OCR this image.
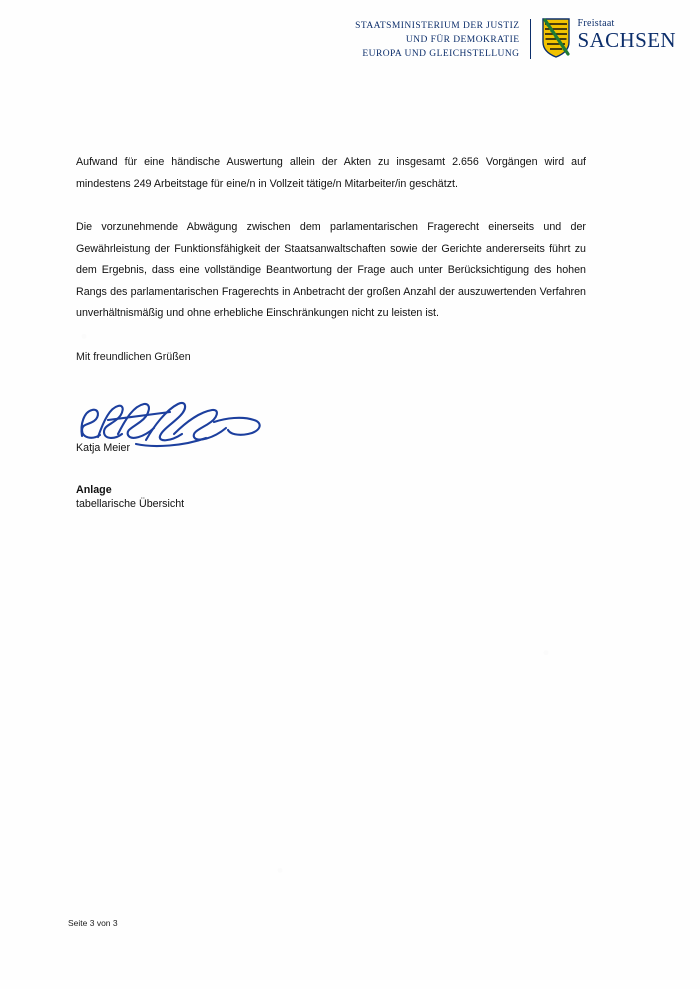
STAATSMINISTERIUM DER JUSTIZ
UND FÜR DEMOKRATIE
EUROPA UND GLEICHSTELLUNG
Freistaat
SACHSEN

Aufwand für eine händische Auswertung allein der Akten zu insgesamt 2.656 Vorgängen wird auf mindestens 249 Arbeitstage für eine/n in Vollzeit tätige/n Mitarbeiter/in geschätzt.

Die vorzunehmende Abwägung zwischen dem parlamentarischen Fragerecht einerseits und der Gewährleistung der Funktionsfähigkeit der Staatsanwaltschaften sowie der Gerichte andererseits führt zu dem Ergebnis, dass eine vollständige Beantwortung der Frage auch unter Berücksichtigung des hohen Rangs des parlamentarischen Fragerechts in Anbetracht der großen Anzahl der auszuwertenden Verfahren unverhältnismäßig und ohne erhebliche Einschränkungen nicht zu leisten ist.

Mit freundlichen Grüßen

Katja Meier
Anlage
tabellarische Übersicht
Seite 3 von 3
